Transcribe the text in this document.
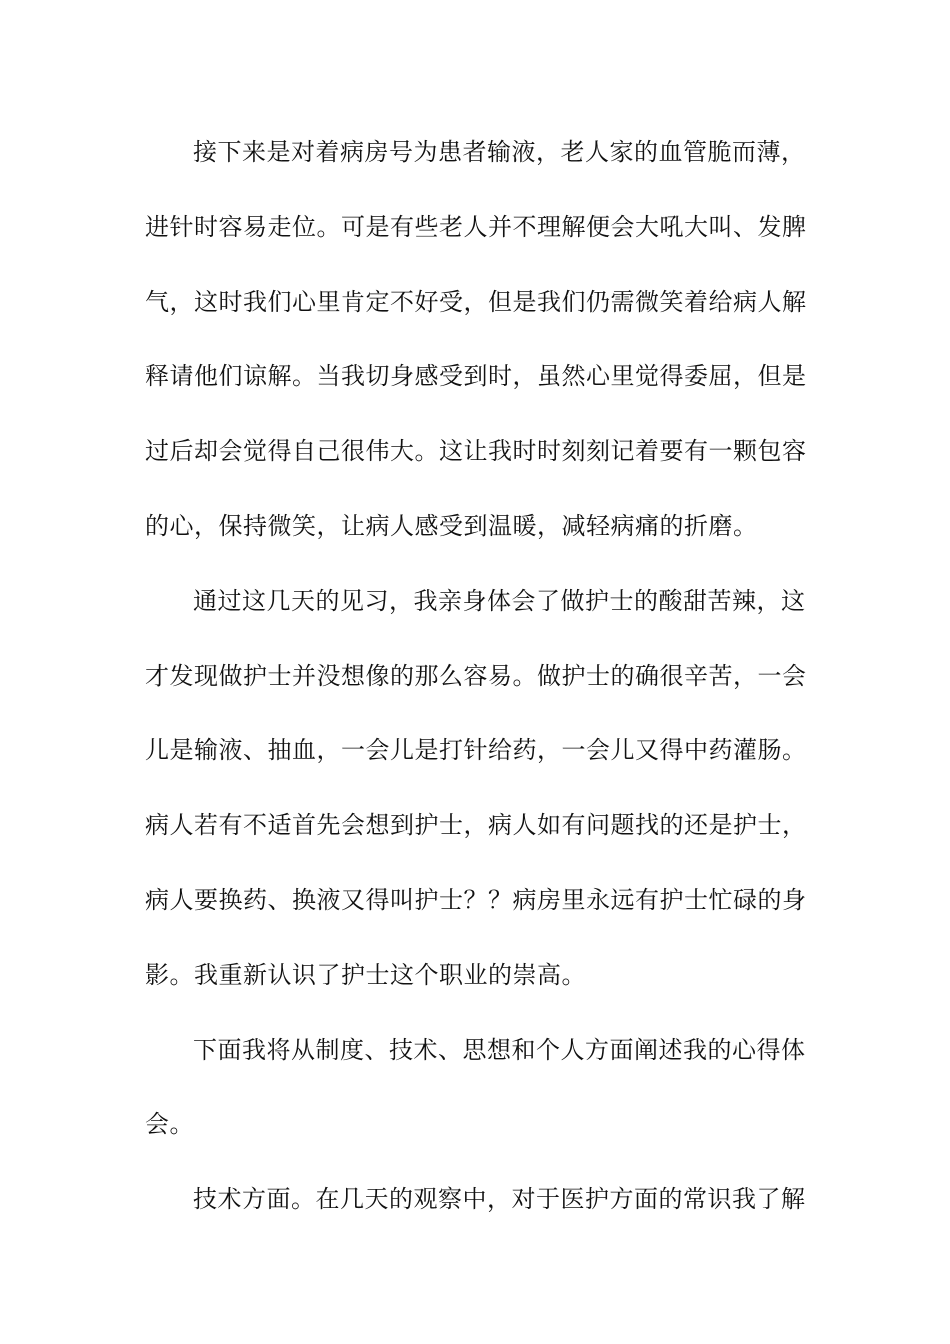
接下来是对着病房号为患者输液，老人家的血管脆而薄，
进针时容易走位。可是有些老人并不理解便会大吼大叫、发脾
气，这时我们心里肯定不好受，但是我们仍需微笑着给病人解
释请他们谅解。当我切身感受到时，虽然心里觉得委屈，但是
过后却会觉得自己很伟大。这让我时时刻刻记着要有一颗包容
的心，保持微笑，让病人感受到温暖，减轻病痛的折磨。
通过这几天的见习，我亲身体会了做护士的酸甜苦辣，这
才发现做护士并没想像的那么容易。做护士的确很辛苦，一会
儿是输液、抽血，一会儿是打针给药，一会儿又得中药灌肠。
病人若有不适首先会想到护士，病人如有问题找的还是护士，
病人要换药、换液又得叫护士？？病房里永远有护士忙碌的身
影。我重新认识了护士这个职业的崇高。
下面我将从制度、技术、思想和个人方面阐述我的心得体
会。
技术方面。在几天的观察中，对于医护方面的常识我了解
